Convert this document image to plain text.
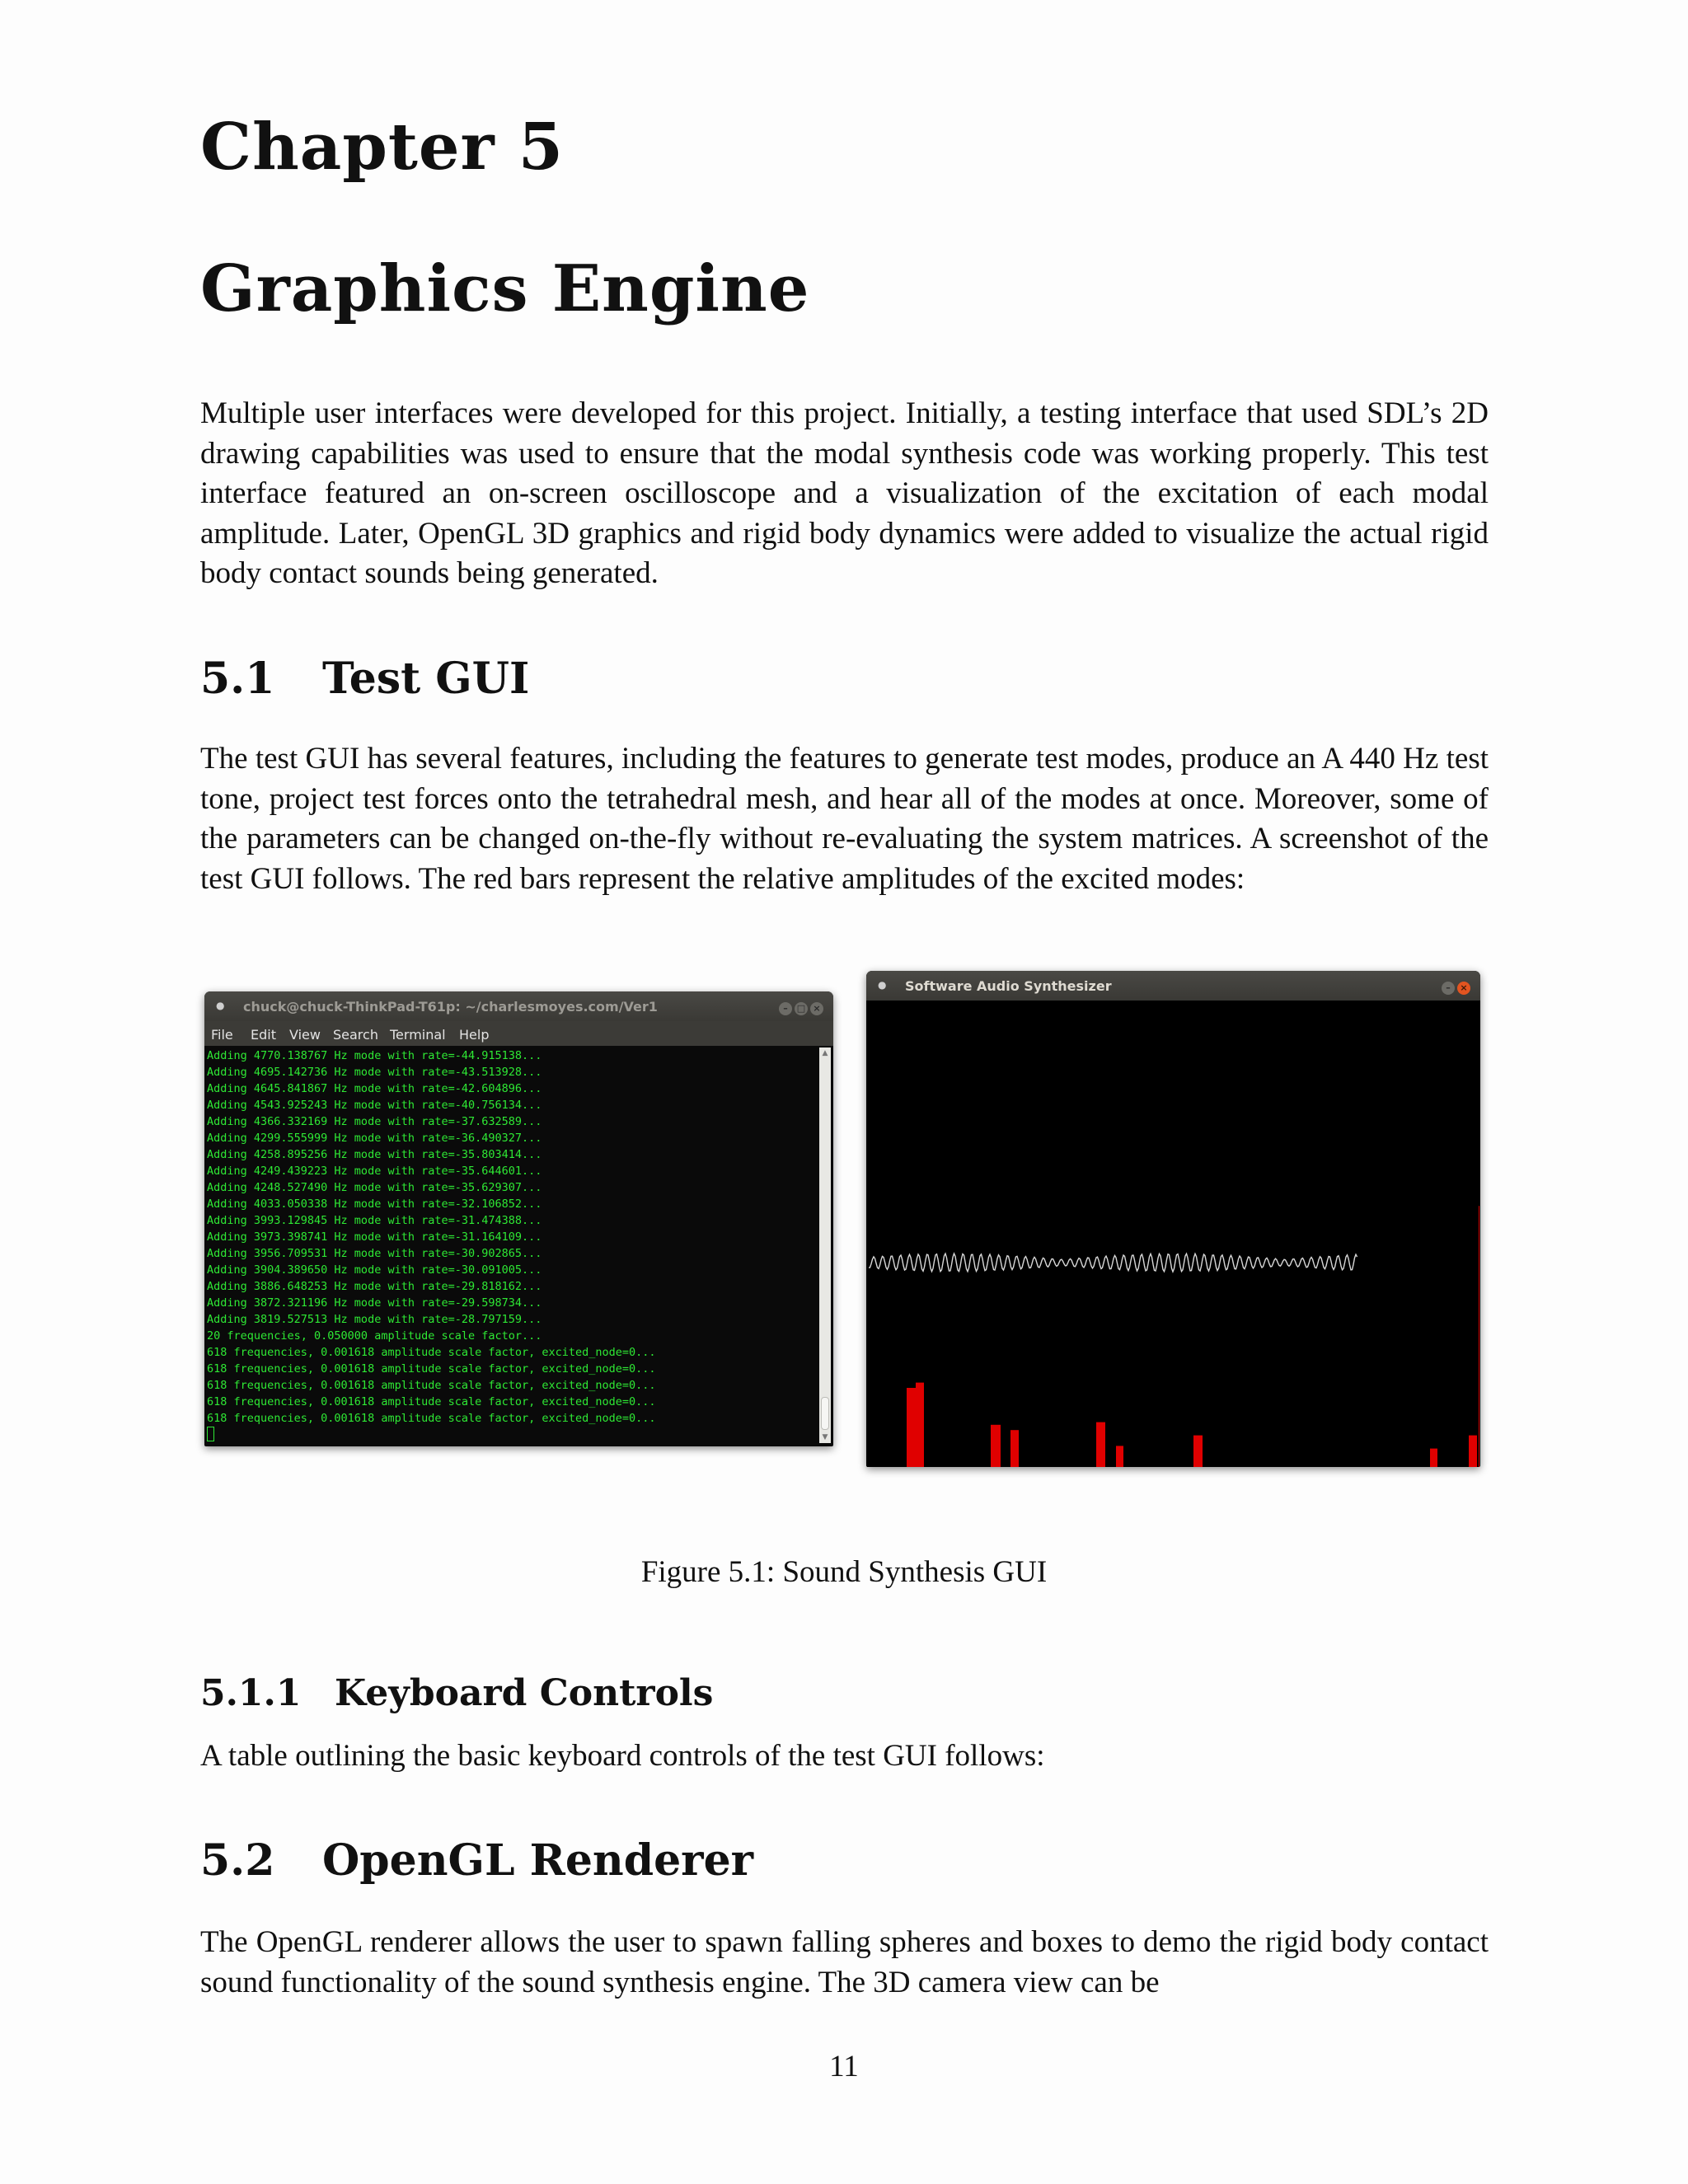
Chapter 5
Graphics Engine

Multiple user interfaces were developed for this project. Initially, a testing interface that used SDL’s 2D drawing capabilities was used to ensure that the modal synthesis code was working properly. This test interface featured an on-screen oscilloscope and a visualization of the excitation of each modal amplitude. Later, OpenGL 3D graphics and rigid body dynamics were added to visualize the actual rigid body contact sounds being generated.

5.1 Test GUI

The test GUI has several features, including the features to generate test modes, produce an A 440 Hz test tone, project test forces onto the tetrahedral mesh, and hear all of the modes at once. Moreover, some of the parameters can be changed on-the-fly without re-evaluating the system matrices. A screenshot of the test GUI follows. The red bars represent the relative amplitudes of the excited modes:

● chuck@chuck-ThinkPad-T61p: ~/charlesmoyes.com/Ver1	– □ ×
File Edit View Search Terminal Help
Adding 4770.138767 Hz mode with rate=-44.915138...
Adding 4695.142736 Hz mode with rate=-43.513928...
Adding 4645.841867 Hz mode with rate=-42.604896...
Adding 4543.925243 Hz mode with rate=-40.756134...
Adding 4366.332169 Hz mode with rate=-37.632589...
Adding 4299.555999 Hz mode with rate=-36.490327...
Adding 4258.895256 Hz mode with rate=-35.803414...
Adding 4249.439223 Hz mode with rate=-35.644601...
Adding 4248.527490 Hz mode with rate=-35.629307...
Adding 4033.050338 Hz mode with rate=-32.106852...
Adding 3993.129845 Hz mode with rate=-31.474388...
Adding 3973.398741 Hz mode with rate=-31.164109...
Adding 3956.709531 Hz mode with rate=-30.902865...
Adding 3904.389650 Hz mode with rate=-30.091005...
Adding 3886.648253 Hz mode with rate=-29.818162...
Adding 3872.321196 Hz mode with rate=-29.598734...
Adding 3819.527513 Hz mode with rate=-28.797159...
20 frequencies, 0.050000 amplitude scale factor...
618 frequencies, 0.001618 amplitude scale factor, excited_node=0...
618 frequencies, 0.001618 amplitude scale factor, excited_node=0...
618 frequencies, 0.001618 amplitude scale factor, excited_node=0...
618 frequencies, 0.001618 amplitude scale factor, excited_node=0...
618 frequencies, 0.001618 amplitude scale factor, excited_node=0...
▲
▼
● Software Audio Synthesizer	– ×
Figure 5.1: Sound Synthesis GUI
5.1.1 Keyboard Controls

A table outlining the basic keyboard controls of the test GUI follows:

5.2 OpenGL Renderer

The OpenGL renderer allows the user to spawn falling spheres and boxes to demo the rigid body contact sound functionality of the sound synthesis engine. The 3D camera view can be

11
